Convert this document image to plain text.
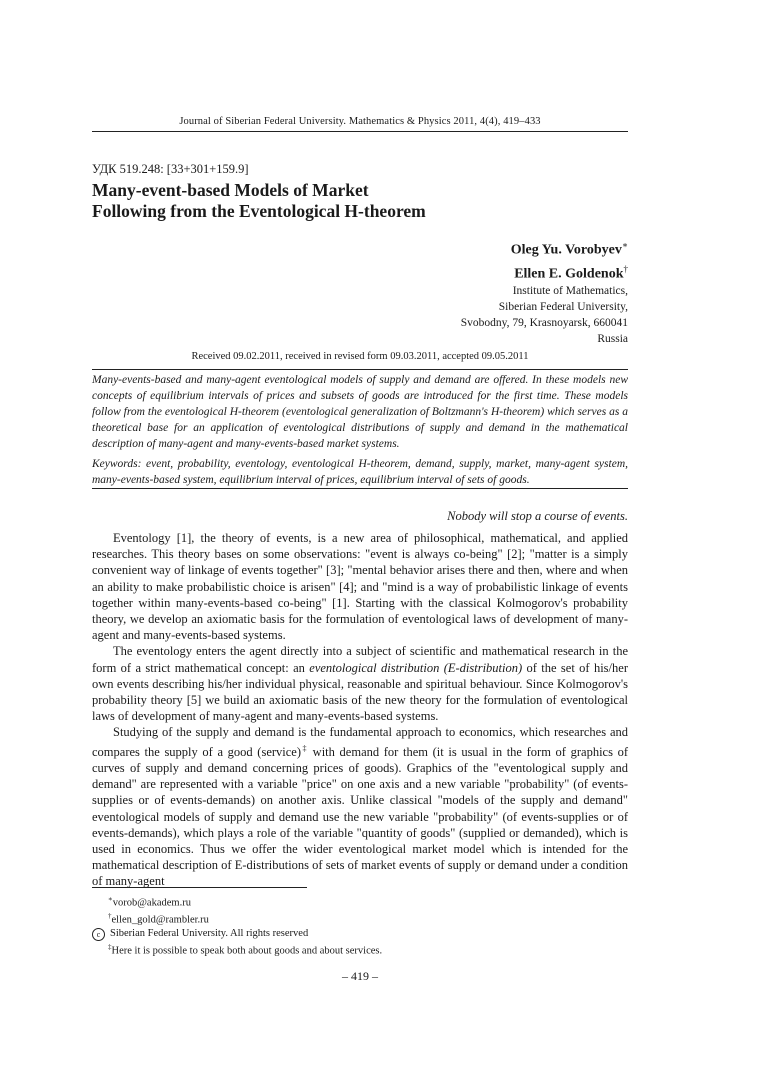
Journal of Siberian Federal University. Mathematics & Physics 2011, 4(4), 419–433
УДК 519.248: [33+301+159.9]
Many-event-based Models of Market
Following from the Eventological H-theorem
Oleg Yu. Vorobyev∗
Ellen E. Goldenok†
Institute of Mathematics,
Siberian Federal University,
Svobodny, 79, Krasnoyarsk, 660041
Russia
Received 09.02.2011, received in revised form 09.03.2011, accepted 09.05.2011

Many-events-based and many-agent eventological models of supply and demand are offered. In these models new concepts of equilibrium intervals of prices and subsets of goods are introduced for the first time. These models follow from the eventological H-theorem (eventological generalization of Boltzmann's H-theorem) which serves as a theoretical base for an application of eventological distributions of supply and demand in the mathematical description of many-agent and many-events-based market systems.

Keywords: event, probability, eventology, eventological H-theorem, demand, supply, market, many-agent system, many-events-based system, equilibrium interval of prices, equilibrium interval of sets of goods.

Nobody will stop a course of events.

Eventology [1], the theory of events, is a new area of philosophical, mathematical, and applied researches. This theory bases on some observations: "event is always co-being" [2]; "matter is a simply convenient way of linkage of events together" [3]; "mental behavior arises there and then, where and when an ability to make probabilistic choice is arisen" [4]; and "mind is a way of probabilistic linkage of events together within many-events-based co-being" [1]. Starting with the classical Kolmogorov's probability theory, we develop an axiomatic basis for the formulation of eventological laws of development of many-agent and many-events-based systems.

The eventology enters the agent directly into a subject of scientific and mathematical research in the form of a strict mathematical concept: an eventological distribution (E-distribution) of the set of his/her own events describing his/her individual physical, reasonable and spiritual behaviour. Since Kolmogorov's probability theory [5] we build an axiomatic basis of the new theory for the formulation of eventological laws of development of many-agent and many-events-based systems.

Studying of the supply and demand is the fundamental approach to economics, which researches and compares the supply of a good (service)‡ with demand for them (it is usual in the form of graphics of curves of supply and demand concerning prices of goods). Graphics of the "eventological supply and demand" are represented with a variable "price" on one axis and a new variable "probability" (of events-supplies or of events-demands) on another axis. Unlike classical "models of the supply and demand" eventological models of supply and demand use the new variable "probability" (of events-supplies or of events-demands), which plays a role of the variable "quantity of goods" (supplied or demanded), which is used in economics. Thus we offer the wider eventological market model which is intended for the mathematical description of E-distributions of sets of market events of supply or demand under a condition of many-agent

∗vorob@akadem.ru
†ellen_gold@rambler.ru
c Siberian Federal University. All rights reserved
‡Here it is possible to speak both about goods and about services.
– 419 –
